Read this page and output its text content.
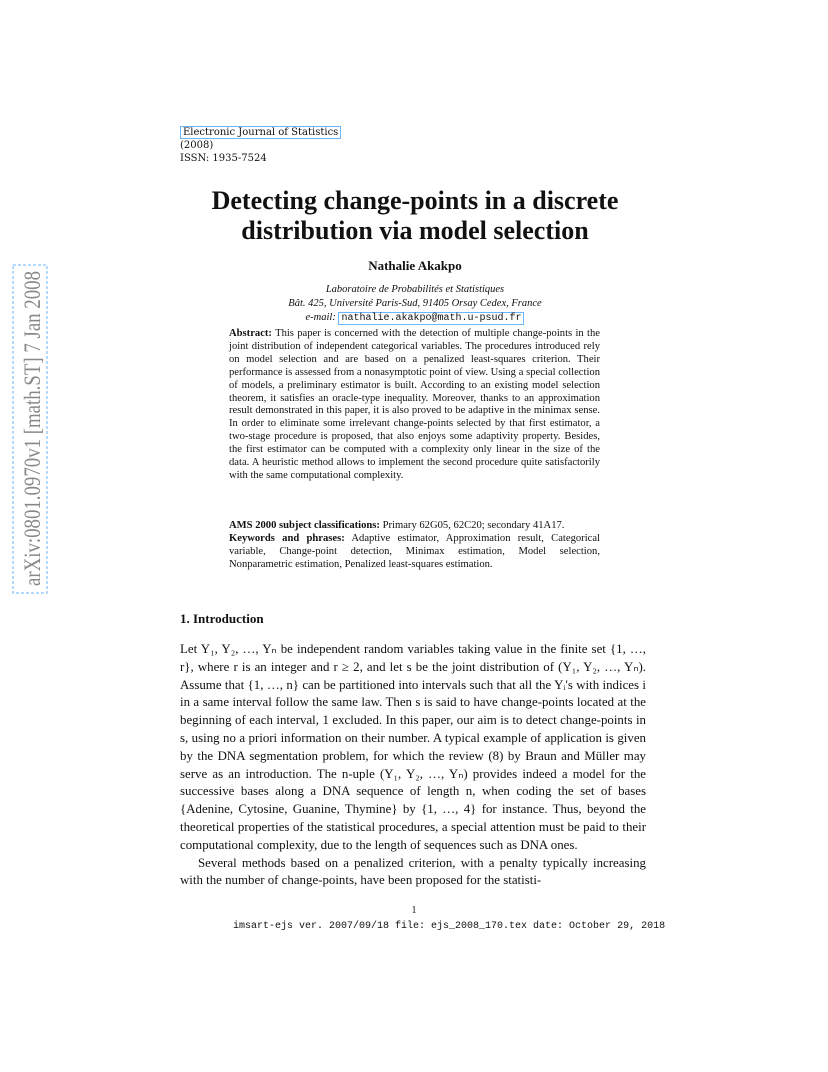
Electronic Journal of Statistics
(2008)
ISSN: 1935-7524
arXiv:0801.0970v1 [math.ST] 7 Jan 2008
Detecting change-points in a discrete
distribution via model selection
Nathalie Akakpo
Laboratoire de Probabilités et Statistiques
Bât. 425, Université Paris-Sud, 91405 Orsay Cedex, France
e-mail: nathalie.akakpo@math.u-psud.fr
Abstract: This paper is concerned with the detection of multiple change-points in the joint distribution of independent categorical variables. The procedures introduced rely on model selection and are based on a penalized least-squares criterion. Their performance is assessed from a nonasymptotic point of view. Using a special collection of models, a preliminary estimator is built. According to an existing model selection theorem, it satisfies an oracle-type inequality. Moreover, thanks to an approximation result demonstrated in this paper, it is also proved to be adaptive in the minimax sense. In order to eliminate some irrelevant change-points selected by that first estimator, a two-stage procedure is proposed, that also enjoys some adaptivity property. Besides, the first estimator can be computed with a complexity only linear in the size of the data. A heuristic method allows to implement the second procedure quite satisfactorily with the same computational complexity.
AMS 2000 subject classifications: Primary 62G05, 62C20; secondary 41A17.
Keywords and phrases: Adaptive estimator, Approximation result, Categorical variable, Change-point detection, Minimax estimation, Model selection, Nonparametric estimation, Penalized least-squares estimation.
1. Introduction

Let Y₁, Y₂, …, Yₙ be independent random variables taking value in the finite set {1, …, r}, where r is an integer and r ≥ 2, and let s be the joint distribution of (Y₁, Y₂, …, Yₙ). Assume that {1, …, n} can be partitioned into intervals such that all the Yᵢ's with indices i in a same interval follow the same law. Then s is said to have change-points located at the beginning of each interval, 1 excluded. In this paper, our aim is to detect change-points in s, using no a priori information on their number. A typical example of application is given by the DNA segmentation problem, for which the review (8) by Braun and Müller may serve as an introduction. The n-uple (Y₁, Y₂, …, Yₙ) provides indeed a model for the successive bases along a DNA sequence of length n, when coding the set of bases {Adenine, Cytosine, Guanine, Thymine} by {1, …, 4} for instance. Thus, beyond the theoretical properties of the statistical procedures, a special attention must be paid to their computational complexity, due to the length of sequences such as DNA ones.

Several methods based on a penalized criterion, with a penalty typically increasing with the number of change-points, have been proposed for the statisti-

1
imsart-ejs ver. 2007/09/18 file: ejs_2008_170.tex date: October 29, 2018
